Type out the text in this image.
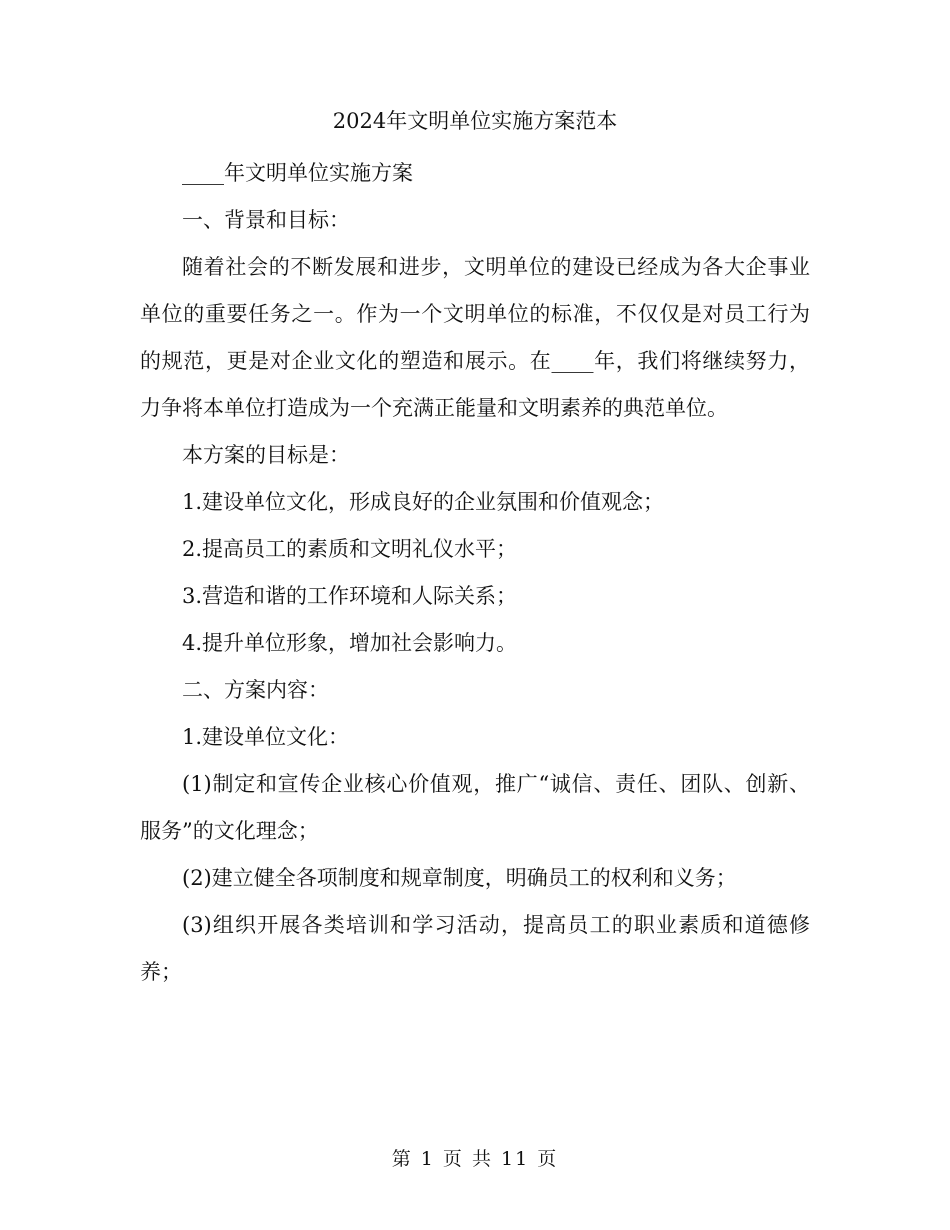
2024年文明单位实施方案范本

____年文明单位实施方案

一、背景和目标：

随着社会的不断发展和进步，文明单位的建设已经成为各大企事业单位的重要任务之一。作为一个文明单位的标准，不仅仅是对员工行为的规范，更是对企业文化的塑造和展示。在____年，我们将继续努力，力争将本单位打造成为一个充满正能量和文明素养的典范单位。

本方案的目标是：

1.建设单位文化，形成良好的企业氛围和价值观念；

2.提高员工的素质和文明礼仪水平；

3.营造和谐的工作环境和人际关系；

4.提升单位形象，增加社会影响力。

二、方案内容：

1.建设单位文化：

(1)制定和宣传企业核心价值观，推广“诚信、责任、团队、创新、服务”的文化理念；

(2)建立健全各项制度和规章制度，明确员工的权利和义务；

(3)组织开展各类培训和学习活动，提高员工的职业素质和道德修养；

第 1 页 共 11 页
